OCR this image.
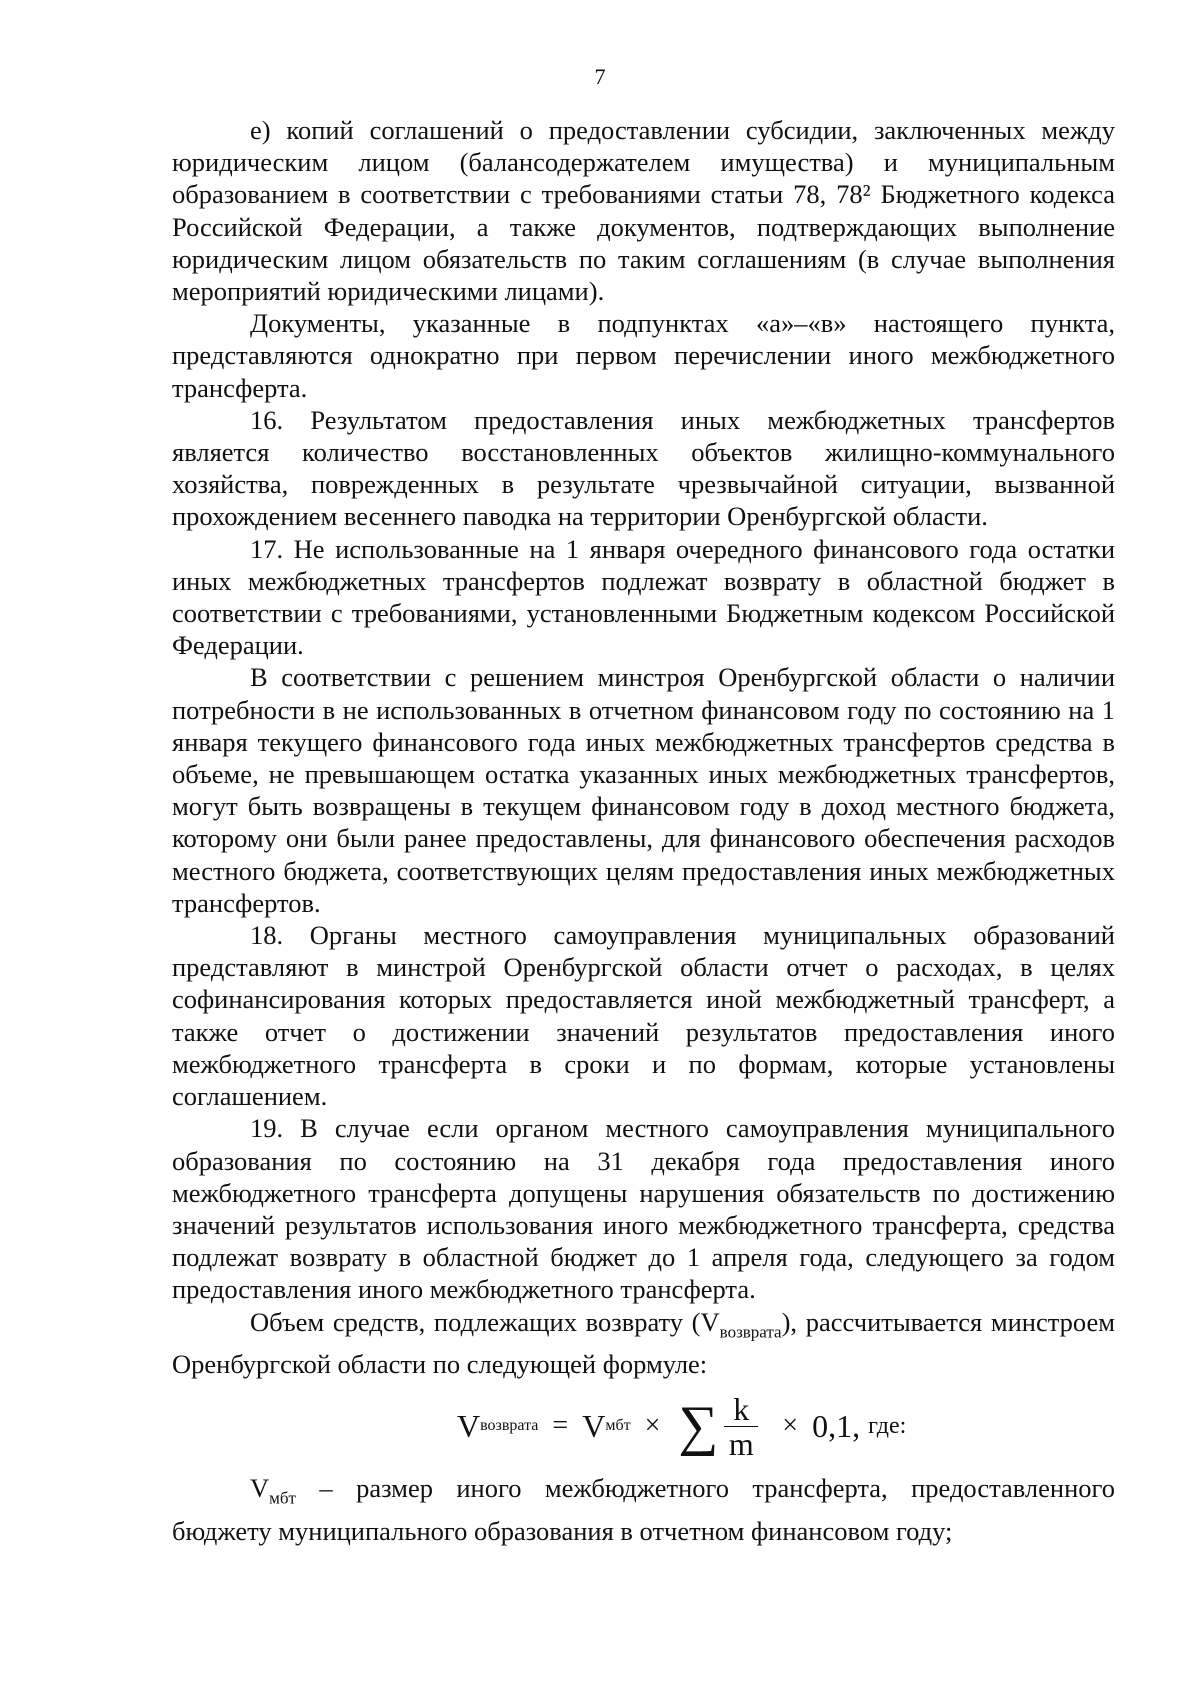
7

е) копий соглашений о предоставлении субсидии, заключенных между юридическим лицом (балансодержателем имущества) и муниципальным образованием в соответствии с требованиями статьи 78, 78² Бюджетного кодекса Российской Федерации, а также документов, подтверждающих выполнение юридическим лицом обязательств по таким соглашениям (в случае выполнения мероприятий юридическими лицами).

Документы, указанные в подпунктах «а»–«в» настоящего пункта, представляются однократно при первом перечислении иного межбюджетного трансферта.

16. Результатом предоставления иных межбюджетных трансфертов является количество восстановленных объектов жилищно-коммунального хозяйства, поврежденных в результате чрезвычайной ситуации, вызванной прохождением весеннего паводка на территории Оренбургской области.

17. Не использованные на 1 января очередного финансового года остатки иных межбюджетных трансфертов подлежат возврату в областной бюджет в соответствии с требованиями, установленными Бюджетным кодексом Российской Федерации.

В соответствии с решением минстроя Оренбургской области о наличии потребности в не использованных в отчетном финансовом году по состоянию на 1 января текущего финансового года иных межбюджетных трансфертов средства в объеме, не превышающем остатка указанных иных межбюджетных трансфертов, могут быть возвращены в текущем финансовом году в доход местного бюджета, которому они были ранее предоставлены, для финансового обеспечения расходов местного бюджета, соответствующих целям предоставления иных межбюджетных трансфертов.

18. Органы местного самоуправления муниципальных образований представляют в минстрой Оренбургской области отчет о расходах, в целях софинансирования которых предоставляется иной межбюджетный трансферт, а также отчет о достижении значений результатов предоставления иного межбюджетного трансферта в сроки и по формам, которые установлены соглашением.

19. В случае если органом местного самоуправления муниципального образования по состоянию на 31 декабря года предоставления иного межбюджетного трансферта допущены нарушения обязательств по достижению значений результатов использования иного межбюджетного трансферта, средства подлежат возврату в областной бюджет до 1 апреля года, следующего за годом предоставления иного межбюджетного трансферта.

Объем средств, подлежащих возврату $(V_{возврата})$, рассчитывается минстроем Оренбургской области по следующей формуле:

V возврата = V мбт × ∑ $\frac{k}{m} \times 0,1$,
где:

$V_{мбт}$ – размер иного межбюджетного трансферта, предоставленного бюджету муниципального образования в отчетном финансовом году;
